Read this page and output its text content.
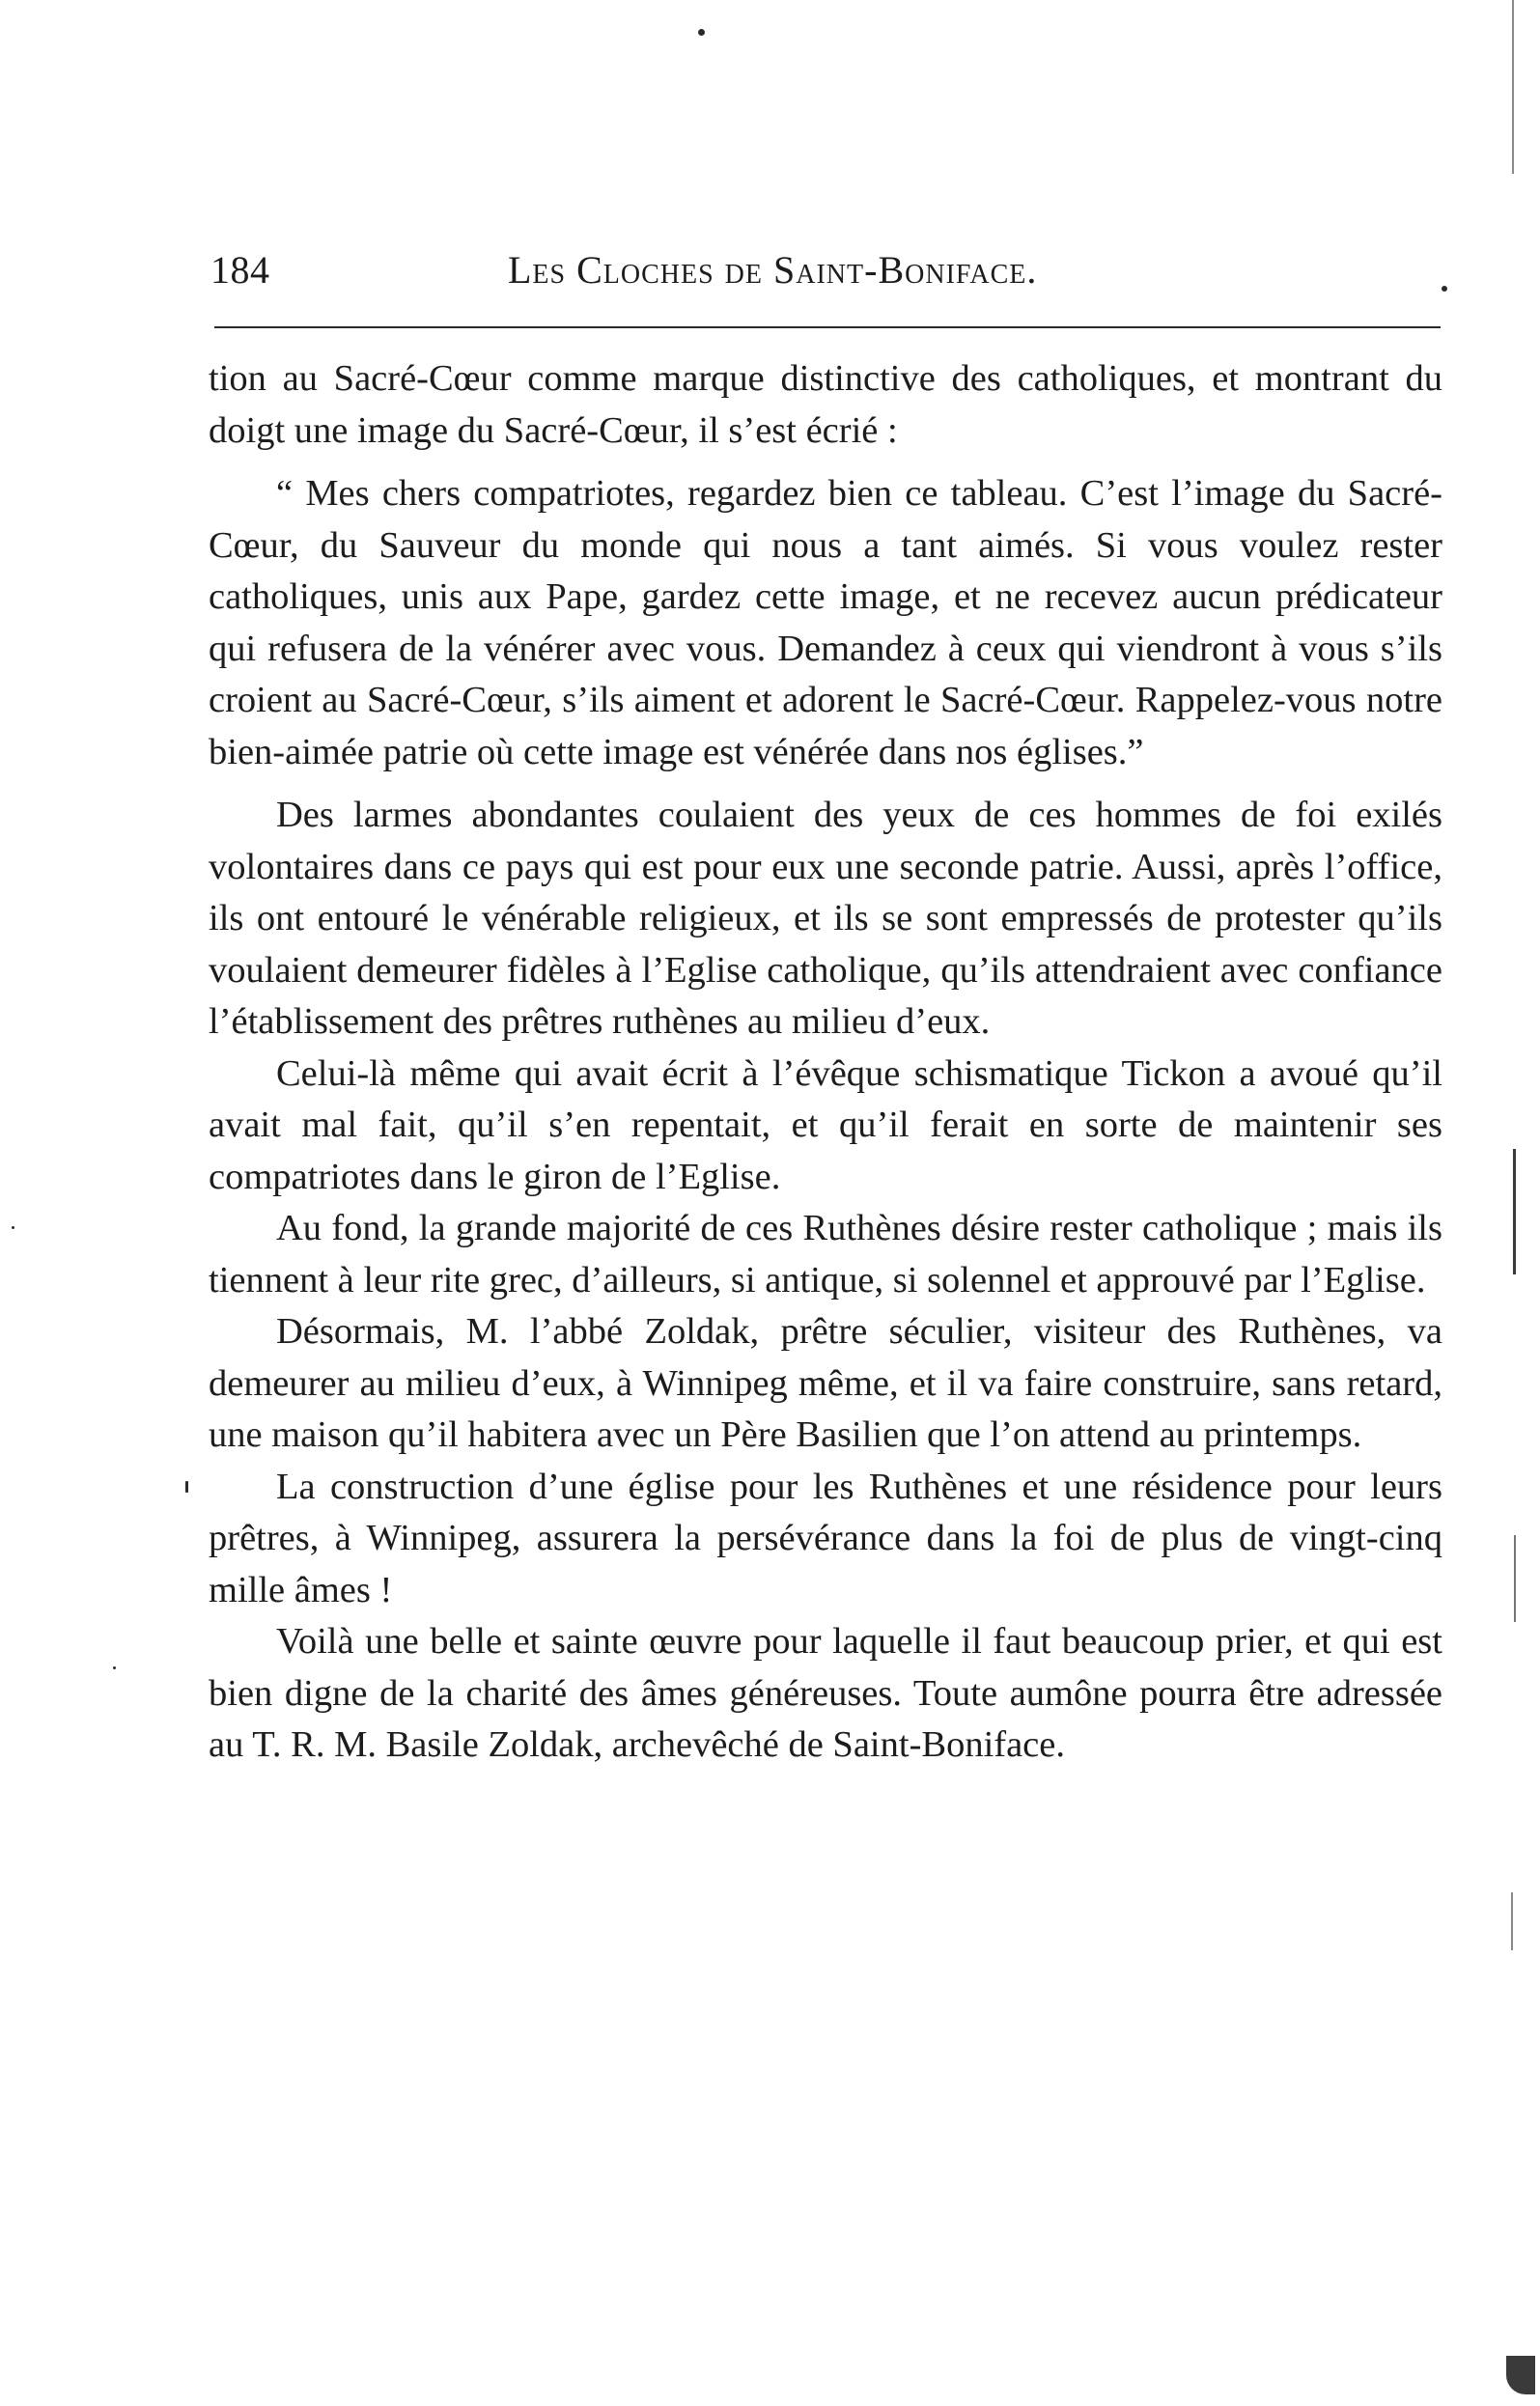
184	Les Cloches de Saint-Boniface.

tion au Sacré-Cœur comme marque distinctive des catholiques, et montrant du doigt une image du Sacré-Cœur, il s’est écrié :

“ Mes chers compatriotes, regardez bien ce tableau. C’est l’image du Sacré-Cœur, du Sauveur du monde qui nous a tant aimés. Si vous voulez rester catholiques, unis aux Pape, gardez cette image, et ne recevez aucun prédicateur qui refusera de la vénérer avec vous. Demandez à ceux qui viendront à vous s’ils croient au Sacré-Cœur, s’ils aiment et adorent le Sacré-Cœur. Rappelez-vous notre bien-aimée patrie où cette image est vénérée dans nos églises.”

Des larmes abondantes coulaient des yeux de ces hommes de foi exilés volontaires dans ce pays qui est pour eux une seconde patrie. Aussi, après l’office, ils ont entouré le vénérable religieux, et ils se sont empressés de protester qu’ils voulaient demeurer fidèles à l’Eglise catholique, qu’ils attendraient avec confiance l’établissement des prêtres ruthènes au milieu d’eux.

Celui-là même qui avait écrit à l’évêque schismatique Tickon a avoué qu’il avait mal fait, qu’il s’en repentait, et qu’il ferait en sorte de maintenir ses compatriotes dans le giron de l’Eglise.

Au fond, la grande majorité de ces Ruthènes désire rester catholique ; mais ils tiennent à leur rite grec, d’ailleurs, si antique, si solennel et approuvé par l’Eglise.

Désormais, M. l’abbé Zoldak, prêtre séculier, visiteur des Ruthènes, va demeurer au milieu d’eux, à Winnipeg même, et il va faire construire, sans retard, une maison qu’il habitera avec un Père Basilien que l’on attend au printemps.

La construction d’une église pour les Ruthènes et une résidence pour leurs prêtres, à Winnipeg, assurera la persévérance dans la foi de plus de vingt-cinq mille âmes !

Voilà une belle et sainte œuvre pour laquelle il faut beaucoup prier, et qui est bien digne de la charité des âmes généreuses. Toute aumône pourra être adressée au T. R. M. Basile Zoldak, archevêché de Saint-Boniface.
